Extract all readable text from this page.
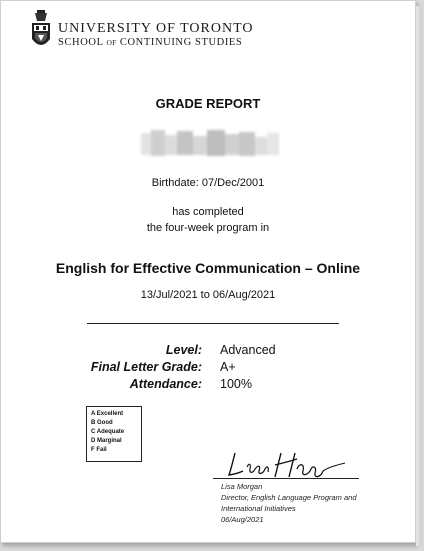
UNIVERSITY OF TORONTO
SCHOOL OF CONTINUING STUDIES
GRADE REPORT
Birthdate: 07/Dec/2001
has completed
the four-week program in
English for Effective Communication – Online
13/Jul/2021 to 06/Aug/2021
Level: Advanced
Final Letter Grade: A+
Attendance: 100%
A Excellent
B Good
C Adequate
D Marginal
F Fail
Lisa Morgan
Director, English Language Program and
International Initiatives
06/Aug/2021
